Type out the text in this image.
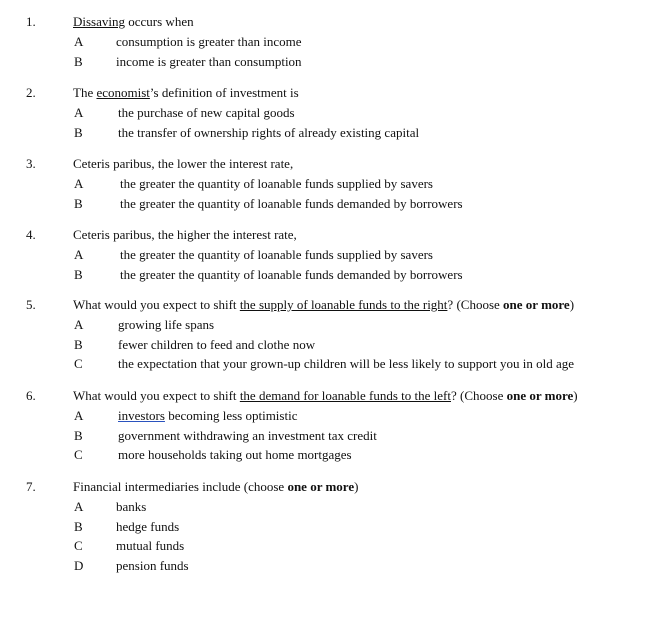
1.	Dissaving occurs when
A	consumption is greater than income
B	income is greater than consumption
2.	The economist’s definition of investment is
A	the purchase of new capital goods
B	the transfer of ownership rights of already existing capital
3.	Ceteris paribus, the lower the interest rate,
A	the greater the quantity of loanable funds supplied by savers
B	the greater the quantity of loanable funds demanded by borrowers
4.	Ceteris paribus, the higher the interest rate,
A	the greater the quantity of loanable funds supplied by savers
B	the greater the quantity of loanable funds demanded by borrowers
5.	What would you expect to shift the supply of loanable funds to the right? (Choose one or more)
A	growing life spans
B	fewer children to feed and clothe now
C	the expectation that your grown-up children will be less likely to support you in old age
6.	What would you expect to shift the demand for loanable funds to the left? (Choose one or more)
A	investors becoming less optimistic
B	government withdrawing an investment tax credit
C	more households taking out home mortgages
7.	Financial intermediaries include (choose one or more)
A	banks
B	hedge funds
C	mutual funds
D	pension funds
